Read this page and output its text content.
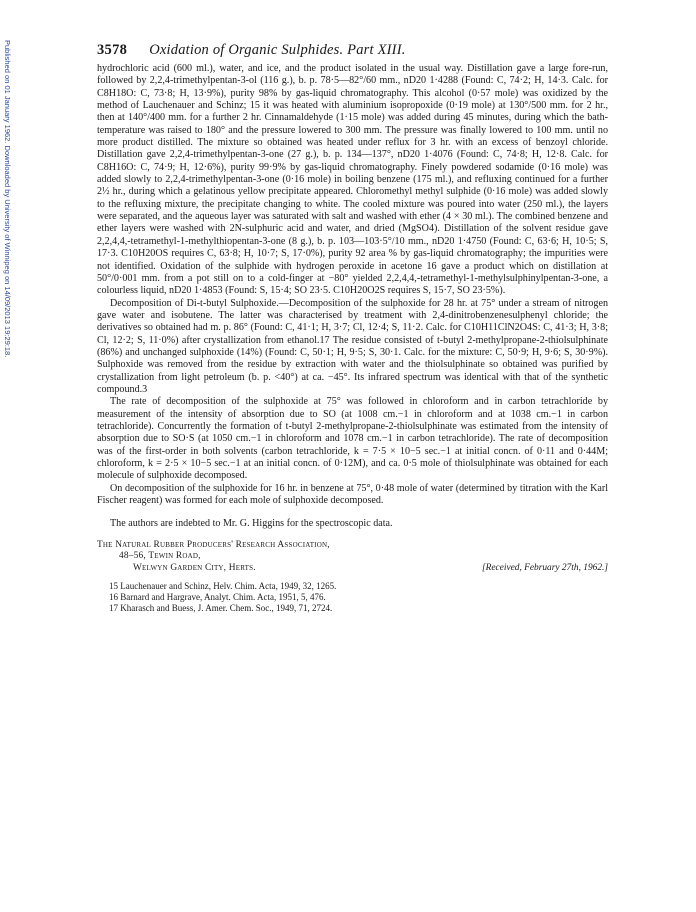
Published on 01 January 1962. Downloaded by University of Winnipeg on 14/09/2013 19:29:18.	3578 Oxidation of Organic Sulphides. Part XIII.

hydrochloric acid (600 ml.), water, and ice, and the product isolated in the usual way. Distillation gave a large fore-run, followed by 2,2,4-trimethylpentan-3-ol (116 g.), b. p. 78·5—82°/60 mm., nD20 1·4288 (Found: C, 74·2; H, 14·3. Calc. for C8H18O: C, 73·8; H, 13·9%), purity 98% by gas-liquid chromatography. This alcohol (0·57 mole) was oxidized by the method of Lauchenauer and Schinz; 15 it was heated with aluminium isopropoxide (0·19 mole) at 130°/500 mm. for 2 hr., then at 140°/400 mm. for a further 2 hr. Cinnamaldehyde (1·15 mole) was added during 45 minutes, during which the bath-temperature was raised to 180° and the pressure lowered to 300 mm. The pressure was finally lowered to 100 mm. until no more product distilled. The mixture so obtained was heated under reflux for 3 hr. with an excess of benzoyl chloride. Distillation gave 2,2,4-trimethylpentan-3-one (27 g.), b. p. 134—137°, nD20 1·4076 (Found: C, 74·8; H, 12·8. Calc. for C8H16O: C, 74·9; H, 12·6%), purity 99·9% by gas-liquid chromatography. Finely powdered sodamide (0·16 mole) was added slowly to 2,2,4-trimethylpentan-3-one (0·16 mole) in boiling benzene (175 ml.), and refluxing continued for a further 2½ hr., during which a gelatinous yellow precipitate appeared. Chloromethyl methyl sulphide (0·16 mole) was added slowly to the refluxing mixture, the precipitate changing to white. The cooled mixture was poured into water (250 ml.), the layers were separated, and the aqueous layer was saturated with salt and washed with ether (4 × 30 ml.). The combined benzene and ether layers were washed with 2N-sulphuric acid and water, and dried (MgSO4). Distillation of the solvent residue gave 2,2,4,4,-tetramethyl-1-methylthiopentan-3-one (8 g.), b. p. 103—103·5°/10 mm., nD20 1·4750 (Found: C, 63·6; H, 10·5; S, 17·3. C10H20OS requires C, 63·8; H, 10·7; S, 17·0%), purity 92 area % by gas-liquid chromatography; the impurities were not identified. Oxidation of the sulphide with hydrogen peroxide in acetone 16 gave a product which on distillation at 50°/0·001 mm. from a pot still on to a cold-finger at −80° yielded 2,2,4,4,-tetramethyl-1-methylsulphinylpentan-3-one, a colourless liquid, nD20 1·4853 (Found: S, 15·4; SO 23·5. C10H20O2S requires S, 15·7, SO 23·5%).

Decomposition of Di-t-butyl Sulphoxide.—Decomposition of the sulphoxide for 28 hr. at 75° under a stream of nitrogen gave water and isobutene. The latter was characterised by treatment with 2,4-dinitrobenzenesulphenyl chloride; the derivatives so obtained had m. p. 86° (Found: C, 41·1; H, 3·7; Cl, 12·4; S, 11·2. Calc. for C10H11ClN2O4S: C, 41·3; H, 3·8; Cl, 12·2; S, 11·0%) after crystallization from ethanol.17 The residue consisted of t-butyl 2-methylpropane-2-thiolsulphinate (86%) and unchanged sulphoxide (14%) (Found: C, 50·1; H, 9·5; S, 30·1. Calc. for the mixture: C, 50·9; H, 9·6; S, 30·9%). Sulphoxide was removed from the residue by extraction with water and the thiolsulphinate so obtained was purified by crystallization from light petroleum (b. p. <40°) at ca. −45°. Its infrared spectrum was identical with that of the synthetic compound.3

The rate of decomposition of the sulphoxide at 75° was followed in chloroform and in carbon tetrachloride by measurement of the intensity of absorption due to SO (at 1008 cm.−1 in chloroform and at 1038 cm.−1 in carbon tetrachloride). Concurrently the formation of t-butyl 2-methylpropane-2-thiolsulphinate was estimated from the intensity of absorption due to SO·S (at 1050 cm.−1 in chloroform and 1078 cm.−1 in carbon tetrachloride). The rate of decomposition was of the first-order in both solvents (carbon tetrachloride, k = 7·5 × 10−5 sec.−1 at initial concn. of 0·11 and 0·44M; chloroform, k = 2·5 × 10−5 sec.−1 at an initial concn. of 0·12M), and ca. 0·5 mole of thiolsulphinate was obtained for each molecule of sulphoxide decomposed.

On decomposition of the sulphoxide for 16 hr. in benzene at 75°, 0·48 mole of water (determined by titration with the Karl Fischer reagent) was formed for each mole of sulphoxide decomposed.

The authors are indebted to Mr. G. Higgins for the spectroscopic data.

The Natural Rubber Producers' Research Association,
48–56, Tewin Road,
Welwyn Garden City, Herts.	[Received, February 27th, 1962.]
15 Lauchenauer and Schinz, Helv. Chim. Acta, 1949, 32, 1265.
16 Barnard and Hargrave, Analyt. Chim. Acta, 1951, 5, 476.
17 Kharasch and Buess, J. Amer. Chem. Soc., 1949, 71, 2724.
